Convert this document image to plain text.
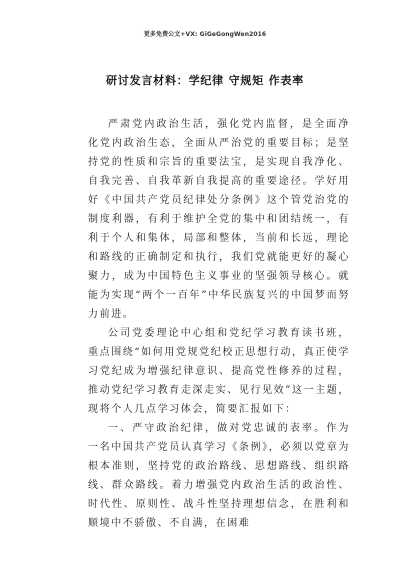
更多免费公文+VX: GiGeGongWen2016
研讨发言材料：学纪律 守规矩 作表率

严肃党内政治生活，强化党内监督，是全面净化党内政治生态，全面从严治党的重要目标；是坚持党的性质和宗旨的重要法宝，是实现自我净化、自我完善、自我革新自我提高的重要途径。学好用好《中国共产党员纪律处分条例》这个管党治党的制度利器，有利于维护全党的集中和团结统一，有利于个人和集体，局部和整体，当前和长远，理论和路线的正确制定和执行，我们党就能更好的凝心聚力，成为中国特色主义事业的坚强领导核心。就能为实现“两个一百年”中华民族复兴的中国梦而努力前进。

公司党委理论中心组和党纪学习教育读书班，重点围绕“如何用党规党纪校正思想行动，真正使学习党纪成为增强纪律意识、提高党性修养的过程，推动党纪学习教育走深走实、见行见效”这一主题，现将个人几点学习体会，简要汇报如下：

一、严守政治纪律，做对党忠诚的表率。作为一名中国共产党员认真学习《条例》，必须以党章为根本准则，坚持党的政治路线、思想路线、组织路线、群众路线。着力增强党内政治生活的政治性、时代性、原则性、战斗性坚持理想信念，在胜利和顺境中不骄傲、不自满，在困难
